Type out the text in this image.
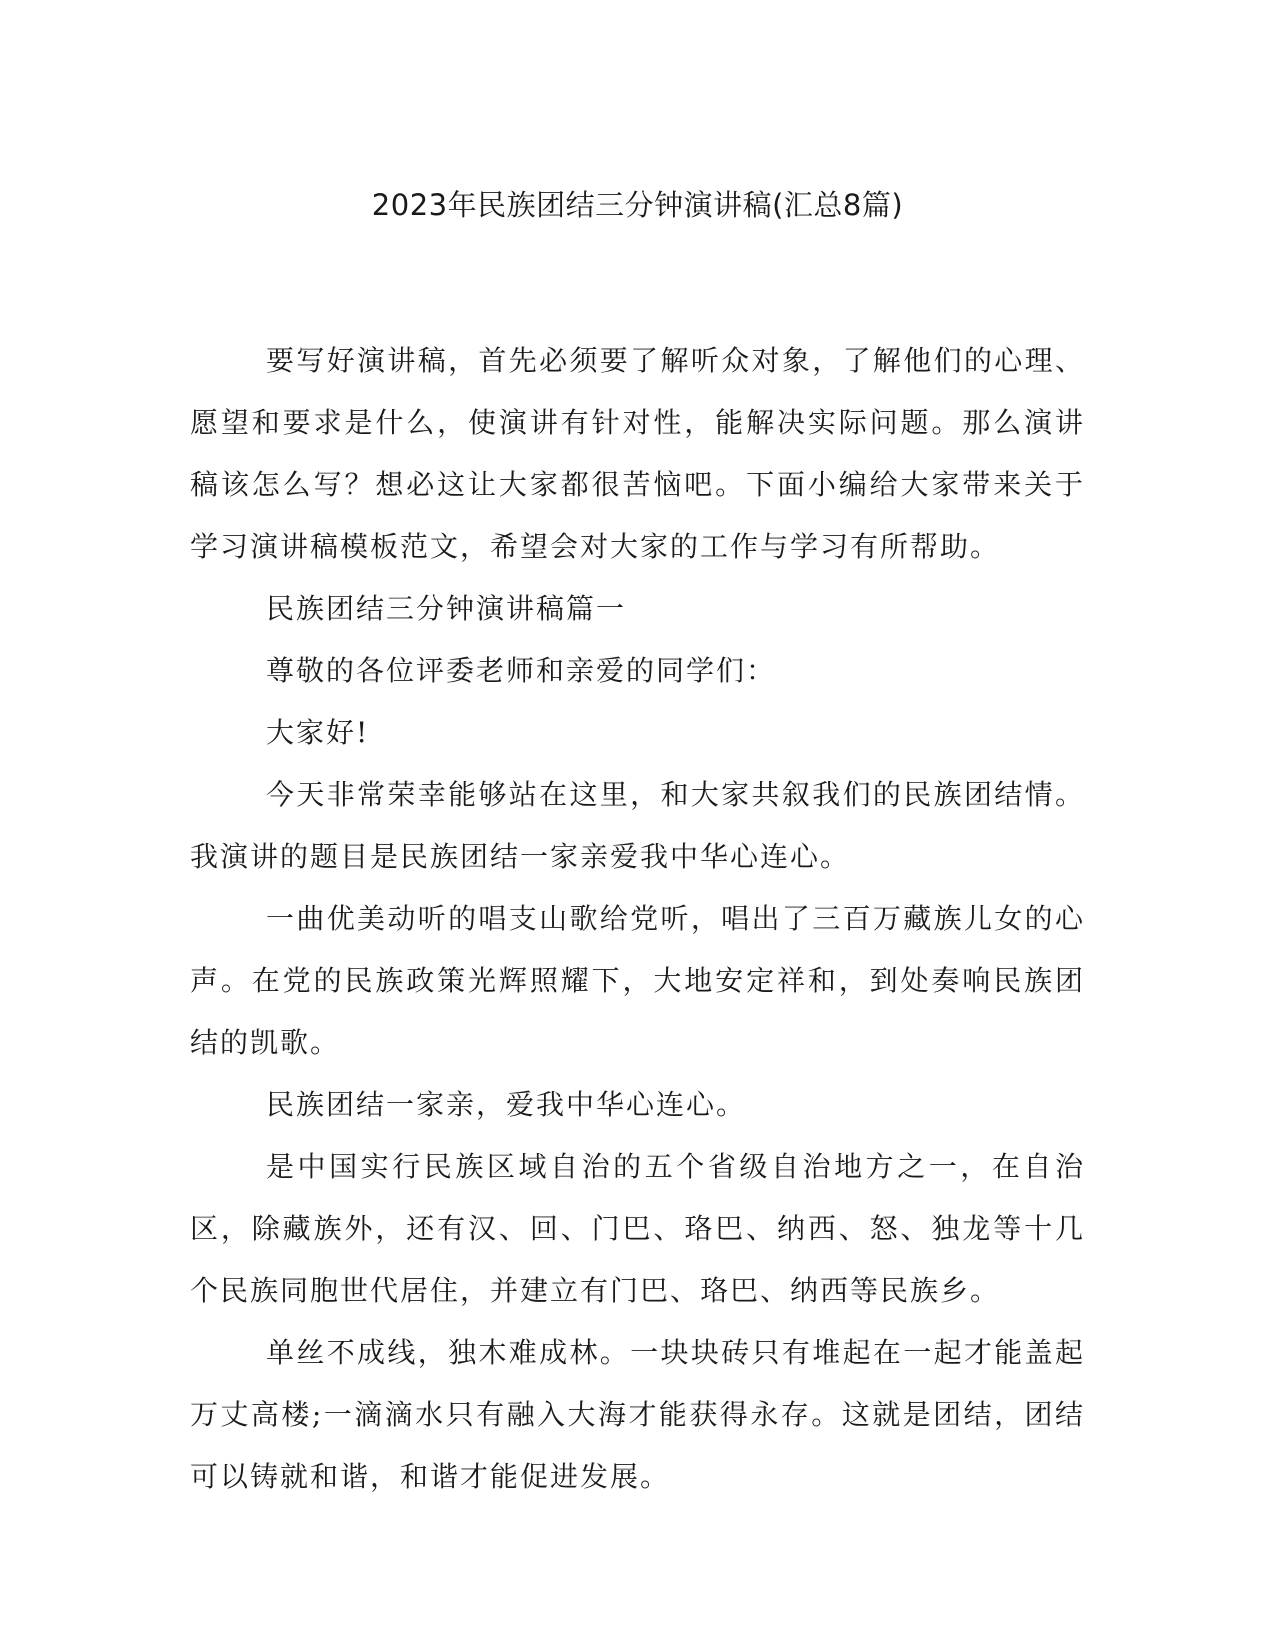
2023年民族团结三分钟演讲稿(汇总8篇)

要写好演讲稿，首先必须要了解听众对象，了解他们的心理、愿望和要求是什么，使演讲有针对性，能解决实际问题。那么演讲稿该怎么写？想必这让大家都很苦恼吧。下面小编给大家带来关于学习演讲稿模板范文，希望会对大家的工作与学习有所帮助。

民族团结三分钟演讲稿篇一

尊敬的各位评委老师和亲爱的同学们：

大家好!

今天非常荣幸能够站在这里，和大家共叙我们的民族团结情。我演讲的题目是民族团结一家亲爱我中华心连心。

一曲优美动听的唱支山歌给党听，唱出了三百万藏族儿女的心声。在党的民族政策光辉照耀下，大地安定祥和，到处奏响民族团结的凯歌。

民族团结一家亲，爱我中华心连心。

是中国实行民族区域自治的五个省级自治地方之一，在自治区，除藏族外，还有汉、回、门巴、珞巴、纳西、怒、独龙等十几个民族同胞世代居住，并建立有门巴、珞巴、纳西等民族乡。

单丝不成线，独木难成林。一块块砖只有堆起在一起才能盖起万丈高楼;一滴滴水只有融入大海才能获得永存。这就是团结，团结可以铸就和谐，和谐才能促进发展。
